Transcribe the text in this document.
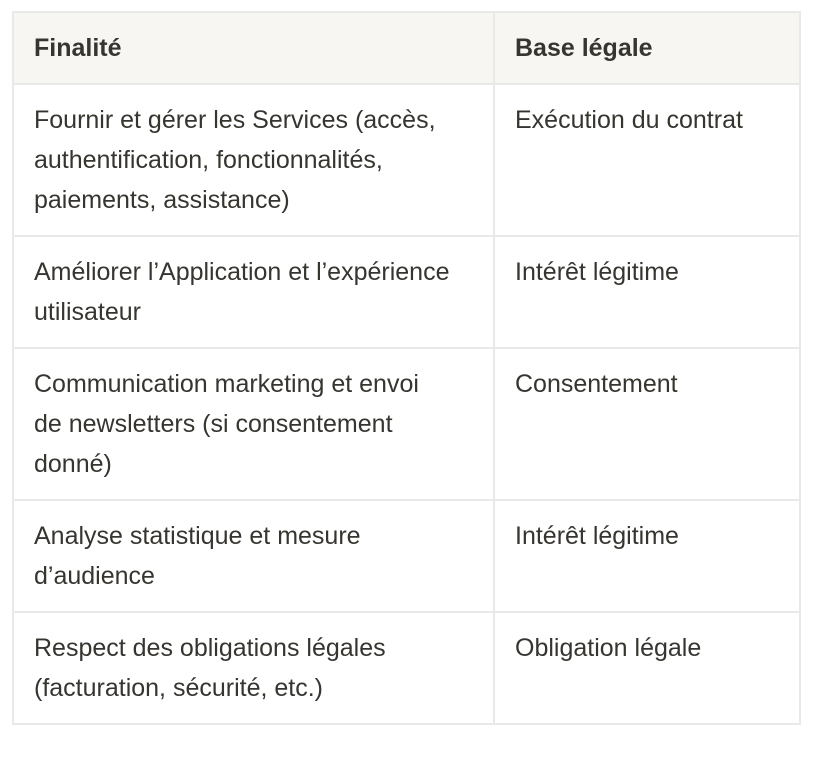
Finalité	Base légale
Fournir et gérer les Services (accès, authentification, fonctionnalités, paiements, assistance)	Exécution du contrat
Améliorer l’Application et l’expérience utilisateur	Intérêt légitime
Communication marketing et envoi de newsletters (si consentement donné)	Consentement
Analyse statistique et mesure d’audience	Intérêt légitime
Respect des obligations légales (facturation, sécurité, etc.)	Obligation légale
